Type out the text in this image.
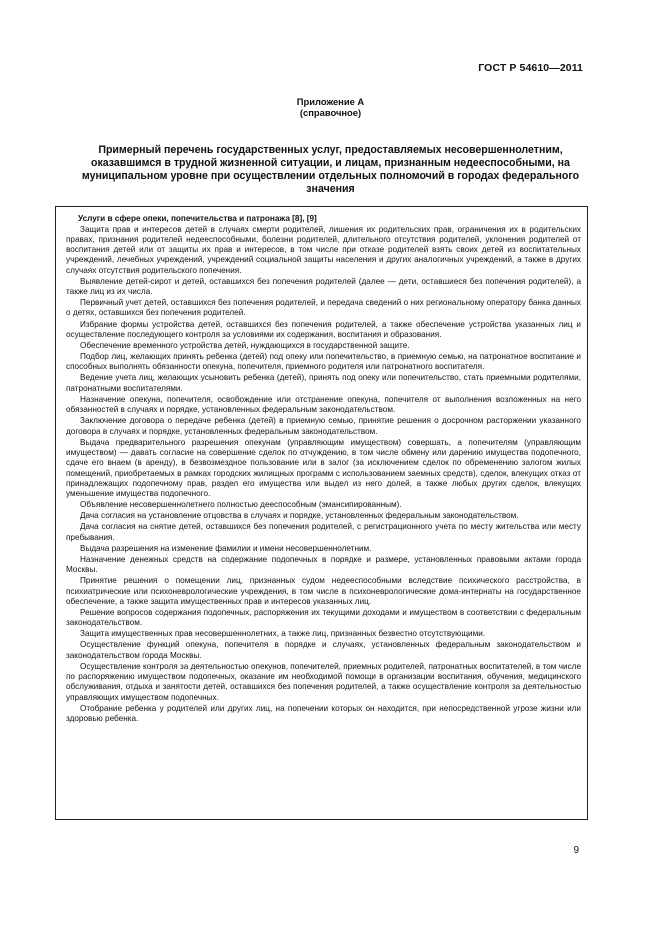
ГОСТ Р 54610—2011
Приложение А
(справочное)
Примерный перечень государственных услуг, предоставляемых несовершеннолетним, оказавшимся в трудной жизненной ситуации, и лицам, признанным недееспособными, на муниципальном уровне при осуществлении отдельных полномочий в городах федерального значения
Услуги в сфере опеки, попечительства и патронажа [8], [9]

Защита прав и интересов детей в случаях смерти родителей, лишения их родительских прав, ограничения их в родительских правах, признания родителей недееспособными, болезни родителей, длительного отсутствия родителей, уклонения родителей от воспитания детей или от защиты их прав и интересов, в том числе при отказе родителей взять своих детей из воспитательных учреждений, лечебных учреждений, учреждений социальной защиты населения и других аналогичных учреждений, а также в других случаях отсутствия родительского попечения.

Выявление детей-сирот и детей, оставшихся без попечения родителей (далее — дети, оставшиеся без попечения родителей), а также лиц из их числа.

Первичный учет детей, оставшихся без попечения родителей, и передача сведений о них региональному оператору банка данных о детях, оставшихся без попечения родителей.

Избрание формы устройства детей, оставшихся без попечения родителей, а также обеспечение устройства указанных лиц и осуществление последующего контроля за условиями их содержания, воспитания и образования.

Обеспечение временного устройства детей, нуждающихся в государственной защите.

Подбор лиц, желающих принять ребенка (детей) под опеку или попечительство, в приемную семью, на патронатное воспитание и способных выполнять обязанности опекуна, попечителя, приемного родителя или патронатного воспитателя.

Ведение учета лиц, желающих усыновить ребенка (детей), принять под опеку или попечительство, стать приемными родителями, патронатными воспитателями.

Назначение опекуна, попечителя, освобождение или отстранение опекуна, попечителя от выполнения возложенных на него обязанностей в случаях и порядке, установленных федеральным законодательством.

Заключение договора о передаче ребенка (детей) в приемную семью, принятие решения о досрочном расторжении указанного договора в случаях и порядке, установленных федеральным законодательством.

Выдача предварительного разрешения опекунам (управляющим имуществом) совершать, а попечителям (управляющим имуществом) — давать согласие на совершение сделок по отчуждению, в том числе обмену или дарению имущества подопечного, сдаче его внаем (в аренду), в безвозмездное пользование или в залог (за исключением сделок по обременению залогом жилых помещений, приобретаемых в рамках городских жилищных программ с использованием заемных средств), сделок, влекущих отказ от принадлежащих подопечному прав, раздел его имущества или выдел из него долей, а также любых других сделок, влекущих уменьшение имущества подопечного.

Объявление несовершеннолетнего полностью дееспособным (эмансипированным).

Дача согласия на установление отцовства в случаях и порядке, установленных федеральным законодательством.

Дача согласия на снятие детей, оставшихся без попечения родителей, с регистрационного учета по месту жительства или месту пребывания.

Выдача разрешения на изменение фамилии и имени несовершеннолетним.

Назначение денежных средств на содержание подопечных в порядке и размере, установленных правовыми актами города Москвы.

Принятие решения о помещении лиц, признанных судом недееспособными вследствие психического расстройства, в психиатрические или психоневрологические учреждения, в том числе в психоневрологические дома-интернаты на государственное обеспечение, а также защита имущественных прав и интересов указанных лиц.

Решение вопросов содержания подопечных, распоряжения их текущими доходами и имуществом в соответствии с федеральным законодательством.

Защита имущественных прав несовершеннолетних, а также лиц, признанных безвестно отсутствующими.

Осуществление функций опекуна, попечителя в порядке и случаях, установленных федеральным законодательством и законодательством города Москвы.

Осуществление контроля за деятельностью опекунов, попечителей, приемных родителей, патронатных воспитателей, в том числе по распоряжению имуществом подопечных, оказание им необходимой помощи в организации воспитания, обучения, медицинского обслуживания, отдыха и занятости детей, оставшихся без попечения родителей, а также осуществление контроля за деятельностью управляющих имуществом подопечных.

Отобрание ребенка у родителей или других лиц, на попечении которых он находится, при непосредственной угрозе жизни или здоровью ребенка.

9
